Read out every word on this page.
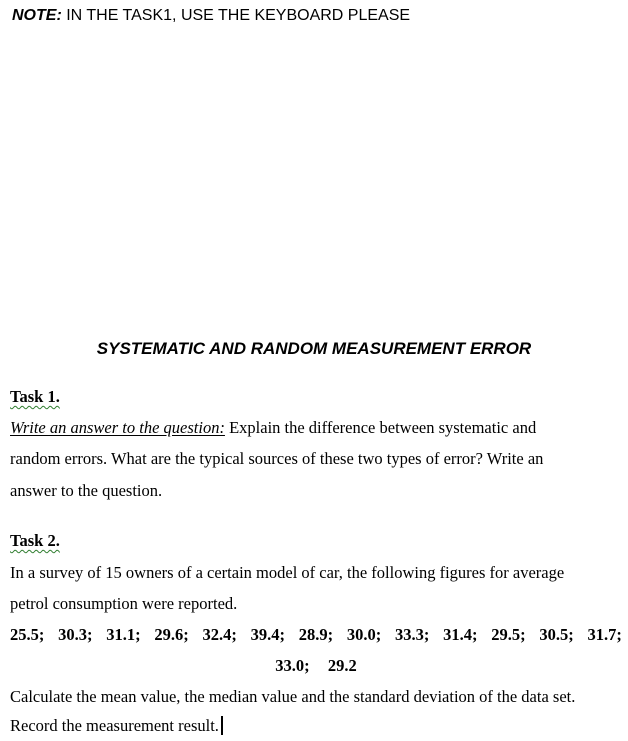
NOTE: IN THE TASK1, USE THE KEYBOARD PLEASE
SYSTEMATIC AND RANDOM MEASUREMENT ERROR
Task 1.
Write an answer to the question: Explain the difference between systematic and
random errors. What are the typical sources of these two types of error? Write an
answer to the question.
Task 2.
In a survey of 15 owners of a certain model of car, the following figures for average
petrol consumption were reported.
25.5; 30.3; 31.1; 29.6; 32.4; 39.4; 28.9; 30.0; 33.3; 31.4; 29.5; 30.5; 31.7;
33.0; 29.2
Calculate the mean value, the median value and the standard deviation of the data set.
Record the measurement result.
